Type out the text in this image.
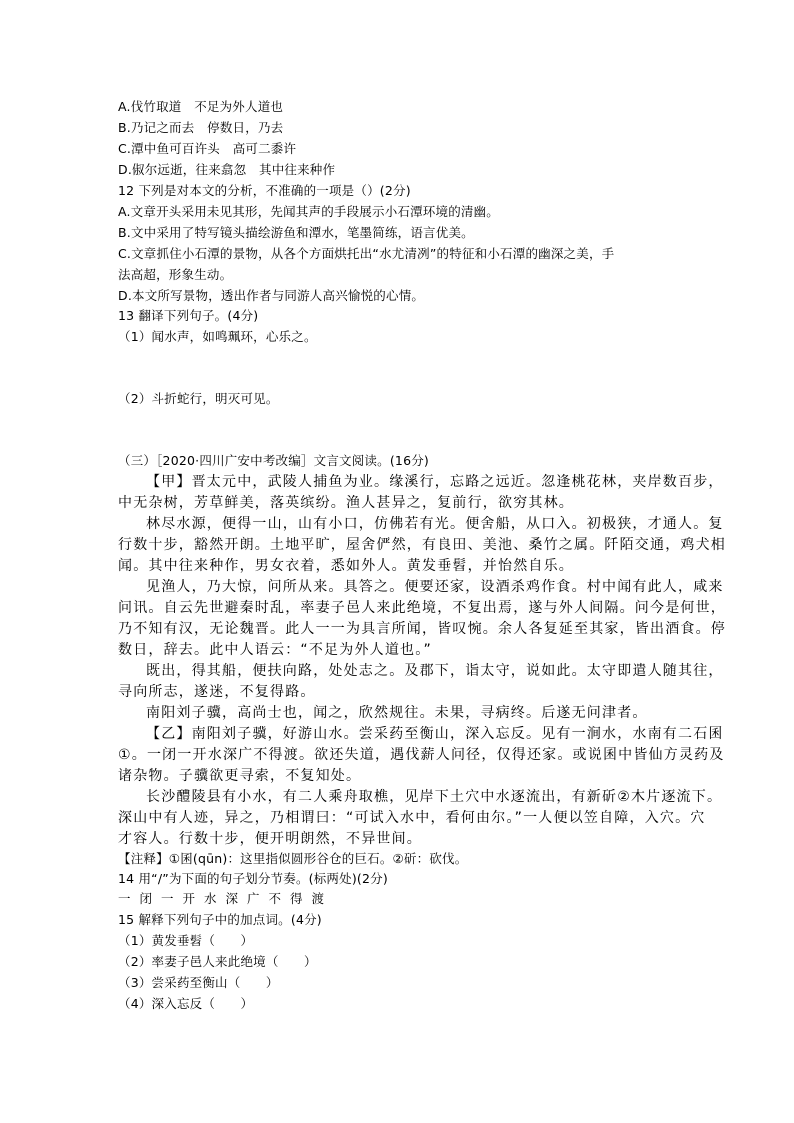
A.伐竹取道　不足为外人道也
B.乃记之而去　停数日，乃去
C.潭中鱼可百许头　高可二黍许
D.俶尔远逝，往来翕忽　其中往来种作
12 下列是对本文的分析，不准确的一项是（）(2分)
A.文章开头采用未见其形，先闻其声的手段展示小石潭环境的清幽。
B.文中采用了特写镜头描绘游鱼和潭水，笔墨简练，语言优美。
C.文章抓住小石潭的景物，从各个方面烘托出“水尤清冽”的特征和小石潭的幽深之美，手
法高超，形象生动。
D.本文所写景物，透出作者与同游人高兴愉悦的心情。
13 翻译下列句子。(4分)
（1）闻水声，如鸣珮环，心乐之。
（2）斗折蛇行，明灭可见。
（三）［2020·四川广安中考改编］文言文阅读。(16分)
【甲】晋太元中，武陵人捕鱼为业。缘溪行，忘路之远近。忽逢桃花林，夹岸数百步，
中无杂树，芳草鲜美，落英缤纷。渔人甚异之，复前行，欲穷其林。
林尽水源，便得一山，山有小口，仿佛若有光。便舍船，从口入。初极狭，才通人。复
行数十步，豁然开朗。土地平旷，屋舍俨然，有良田、美池、桑竹之属。阡陌交通，鸡犬相
闻。其中往来种作，男女衣着，悉如外人。黄发垂髫，并怡然自乐。
见渔人，乃大惊，问所从来。具答之。便要还家，设酒杀鸡作食。村中闻有此人，咸来
问讯。自云先世避秦时乱，率妻子邑人来此绝境，不复出焉，遂与外人间隔。问今是何世，
乃不知有汉，无论魏晋。此人一一为具言所闻，皆叹惋。余人各复延至其家，皆出酒食。停
数日，辞去。此中人语云：“不足为外人道也。”
既出，得其船，便扶向路，处处志之。及郡下，诣太守，说如此。太守即遣人随其往，
寻向所志，遂迷，不复得路。
南阳刘子骥，高尚士也，闻之，欣然规往。未果，寻病终。后遂无问津者。
【乙】南阳刘子骥，好游山水。尝采药至衡山，深入忘反。见有一涧水，水南有二石囷
①。一闭一开水深广不得渡。欲还失道，遇伐薪人问径，仅得还家。或说囷中皆仙方灵药及
诸杂物。子骥欲更寻索，不复知处。
长沙醴陵县有小水，有二人乘舟取樵，见岸下土穴中水逐流出，有新斫②木片逐流下。
深山中有人迹，异之，乃相谓曰：“可试入水中，看何由尔。”一人便以笠自障，入穴。穴
才容人。行数十步，便开明朗然，不异世间。
【注释】①囷(qūn)：这里指似圆形谷仓的巨石。②斫：砍伐。
14 用“/”为下面的句子划分节奏。(标两处)(2分)
一闭一开水深广不得渡
15 解释下列句子中的加点词。(4分)
（1）黄发垂髫（　　）
（2）率妻子邑人来此绝境（　　）
（3）尝采药至衡山（　　）
（4）深入忘反（　　）
